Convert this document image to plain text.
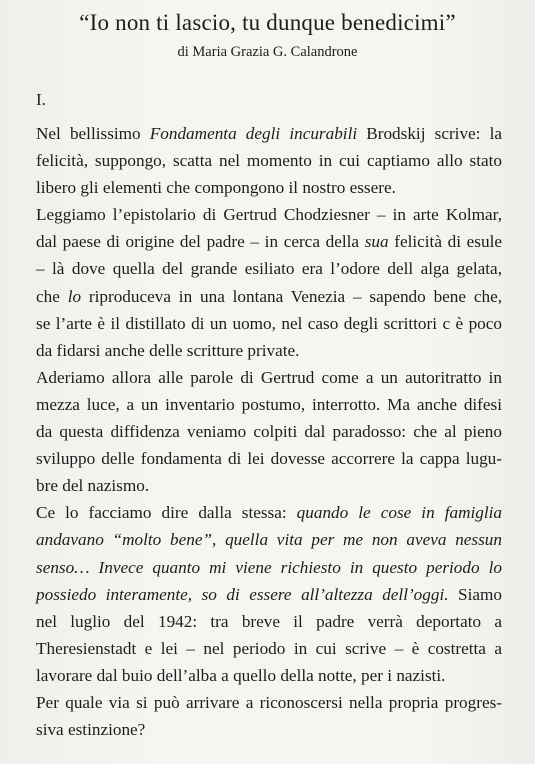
“Io non ti lascio, tu dunque benedicimi”
di Maria Grazia G. Calandrone
I.
Nel bellissimo Fondamenta degli incurabili Brodskij scrive: la
felicità, suppongo, scatta nel momento in cui captiamo allo stato
libero gli elementi che compongono il nostro essere.
Leggiamo l’epistolario di Gertrud Chodziesner – in arte Kolmar,
dal paese di origine del padre – in cerca della sua felicità di esule
– là dove quella del grande esiliato era l’odore dell alga gelata,
che lo riproduceva in una lontana Venezia – sapendo bene che,
se l’arte è il distillato di un uomo, nel caso degli scrittori c è poco
da fidarsi anche delle scritture private.
Aderiamo allora alle parole di Gertrud come a un autoritratto in
mezza luce, a un inventario postumo, interrotto. Ma anche difesi
da questa diffidenza veniamo colpiti dal paradosso: che al pieno
sviluppo delle fondamenta di lei dovesse accorrere la cappa lugu-
bre del nazismo.
Ce lo facciamo dire dalla stessa: quando le cose in famiglia
andavano “molto bene”, quella vita per me non aveva nessun
senso… Invece quanto mi viene richiesto in questo periodo lo
possiedo interamente, so di essere all’altezza dell’oggi. Siamo
nel luglio del 1942: tra breve il padre verrà deportato a
Theresienstadt e lei – nel periodo in cui scrive – è costretta a
lavorare dal buio dell’alba a quello della notte, per i nazisti.
Per quale via si può arrivare a riconoscersi nella propria progres-
siva estinzione?
